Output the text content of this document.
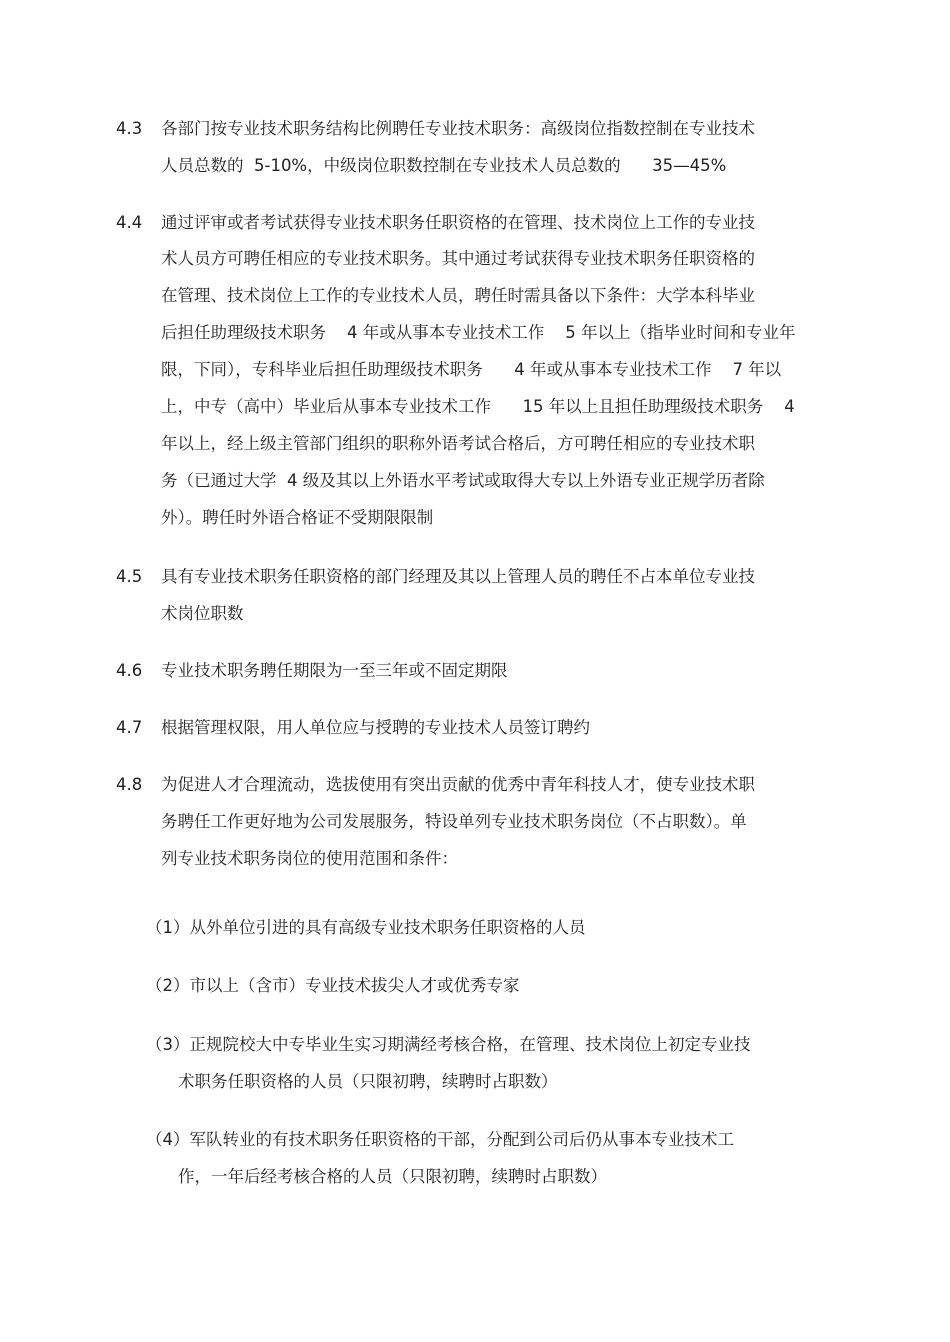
4.3 各部门按专业技术职务结构比例聘任专业技术职务：高级岗位指数控制在专业技术
人员总数的  5-10%，中级岗位职数控制在专业技术人员总数的      35—45%
4.4 通过评审或者考试获得专业技术职务任职资格的在管理、技术岗位上工作的专业技
术人员方可聘任相应的专业技术职务。其中通过考试获得专业技术职务任职资格的
在管理、技术岗位上工作的专业技术人员，聘任时需具备以下条件：大学本科毕业
后担任助理级技术职务    4 年或从事本专业技术工作    5 年以上（指毕业时间和专业年
限，下同），专科毕业后担任助理级技术职务      4 年或从事本专业技术工作    7 年以
上，中专（高中）毕业后从事本专业技术工作      15 年以上且担任助理级技术职务    4
年以上，经上级主管部门组织的职称外语考试合格后，方可聘任相应的专业技术职
务（已通过大学  4 级及其以上外语水平考试或取得大专以上外语专业正规学历者除
外）。聘任时外语合格证不受期限限制
4.5 具有专业技术职务任职资格的部门经理及其以上管理人员的聘任不占本单位专业技
术岗位职数
4.6 专业技术职务聘任期限为一至三年或不固定期限
4.7 根据管理权限，用人单位应与授聘的专业技术人员签订聘约
4.8 为促进人才合理流动，选拔使用有突出贡献的优秀中青年科技人才，使专业技术职
务聘任工作更好地为公司发展服务，特设单列专业技术职务岗位（不占职数）。单
列专业技术职务岗位的使用范围和条件：
（1）从外单位引进的具有高级专业技术职务任职资格的人员
（2）市以上（含市）专业技术拔尖人才或优秀专家
（3）正规院校大中专毕业生实习期满经考核合格，在管理、技术岗位上初定专业技
术职务任职资格的人员（只限初聘，续聘时占职数）
（4）军队转业的有技术职务任职资格的干部，分配到公司后仍从事本专业技术工
作，一年后经考核合格的人员（只限初聘，续聘时占职数）
